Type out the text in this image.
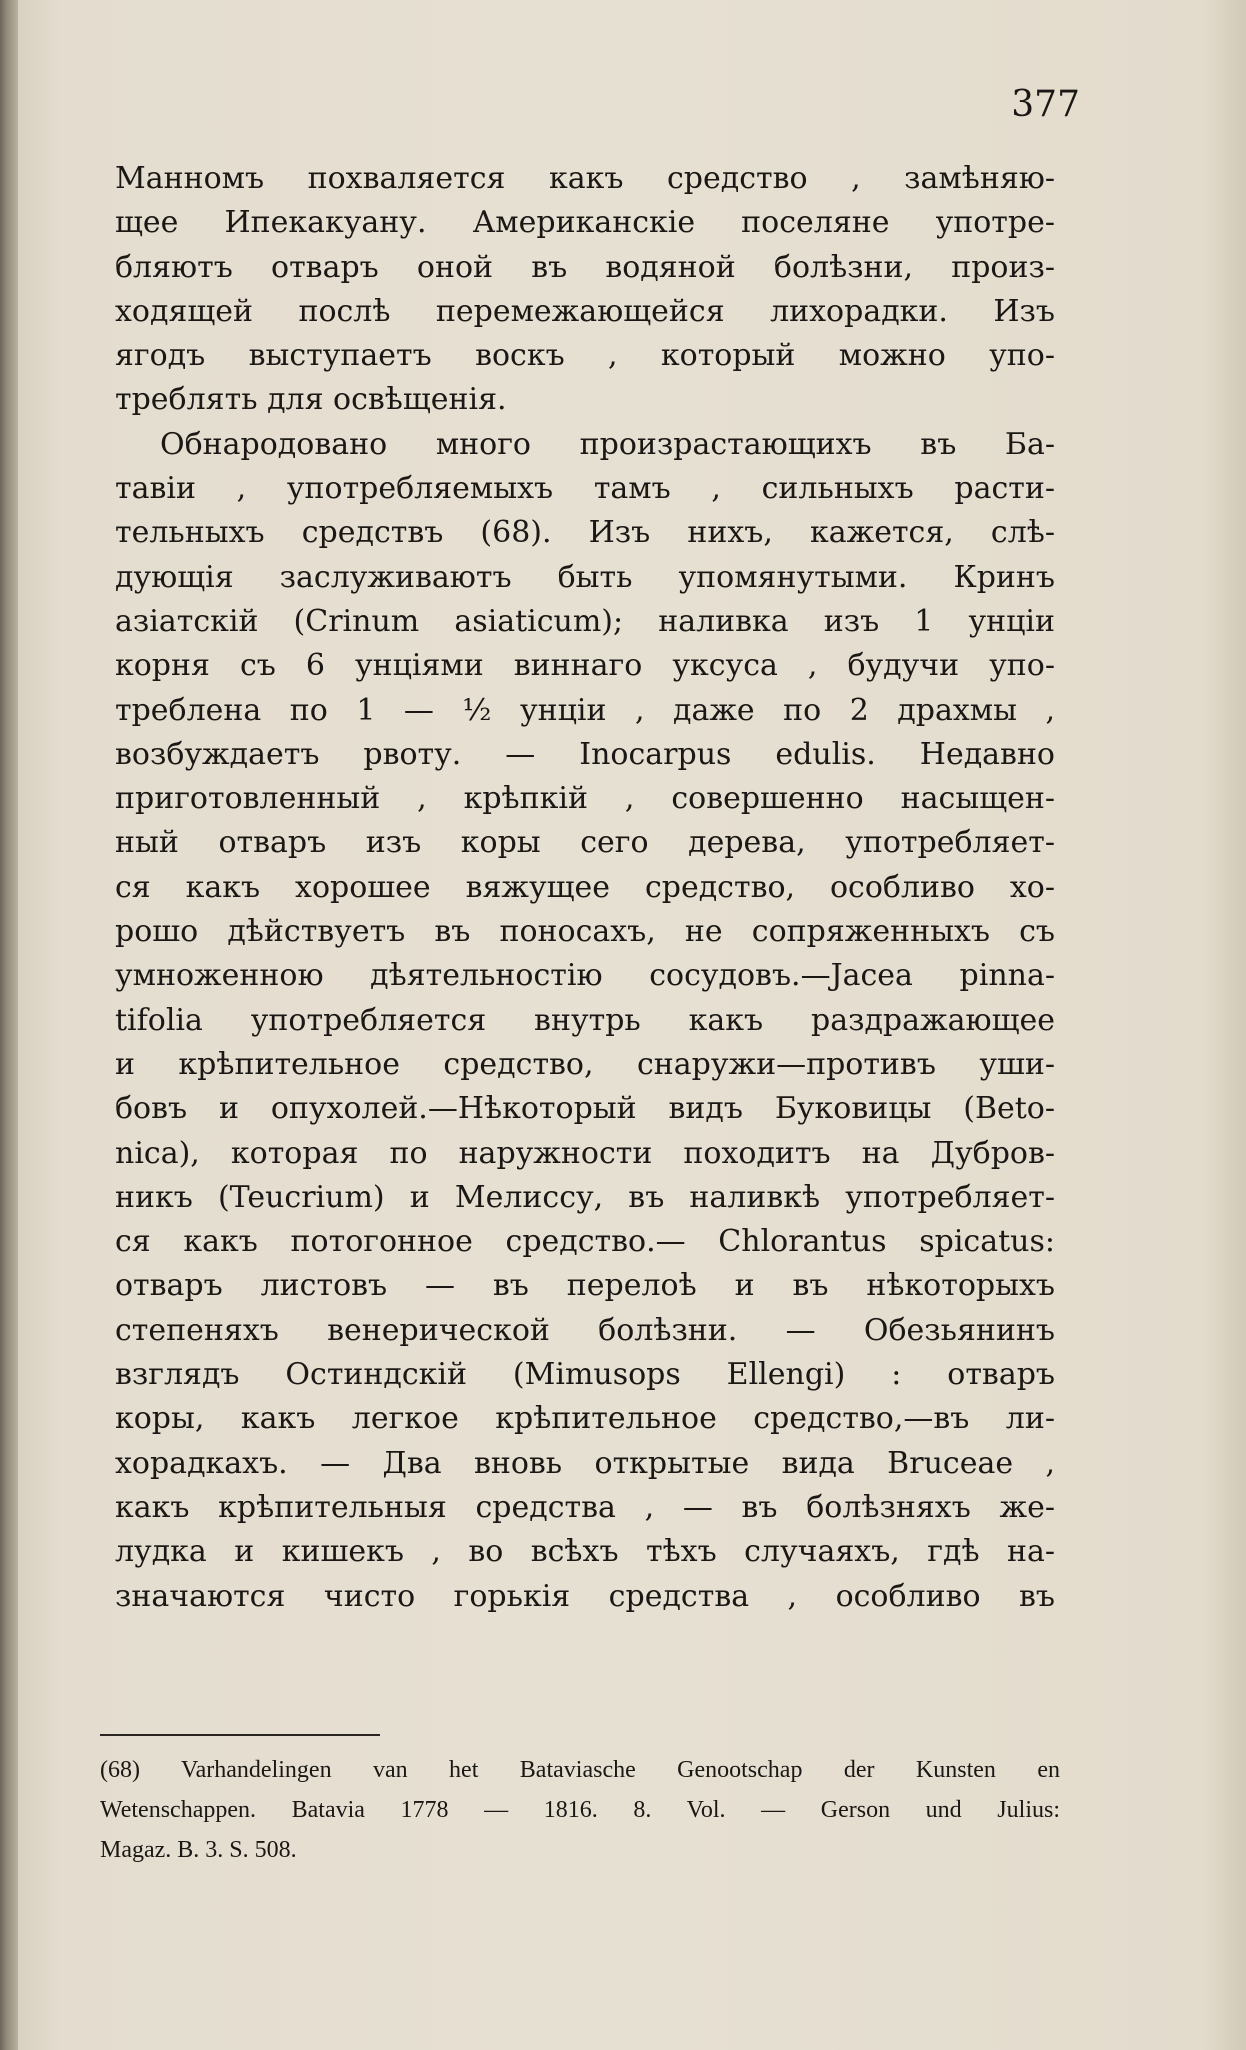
377
Манномъ похваляется какъ средство , замѣняю-
щее Ипекакуану. Американскіе поселяне употре-
бляютъ отваръ оной въ водяной болѣзни, произ-
ходящей послѣ перемежающейся лихорадки. Изъ
ягодъ выступаетъ воскъ , который можно упо-
треблять для освѣщенія.
Обнародовано много произрастающихъ въ Ба-
тавіи , употребляемыхъ тамъ , сильныхъ расти-
тельныхъ средствъ (68). Изъ нихъ, кажется, слѣ-
дующія заслуживаютъ быть упомянутыми. Кринъ
азіатскій (Crinum asiaticum); наливка изъ 1 унціи
корня съ 6 унціями виннаго уксуса , будучи упо-
треблена по 1 — ½ унціи , даже по 2 драхмы ,
возбуждаетъ рвоту. — Inocarpus edulis. Недавно
приготовленный , крѣпкій , совершенно насыщен-
ный отваръ изъ коры сего дерева, употребляет-
ся какъ хорошее вяжущее средство, особливо хо-
рошо дѣйствуетъ въ поносахъ, не сопряженныхъ съ
умноженною дѣятельностію сосудовъ.—Jacea pinna-
tifolia употребляется внутрь какъ раздражающее
и крѣпительное средство, снаружи—противъ уши-
бовъ и опухолей.—Нѣкоторый видъ Буковицы (Beto-
nica), которая по наружности походитъ на Дубров-
никъ (Teucrium) и Мелиссу, въ наливкѣ употребляет-
ся какъ потогонное средство.— Chlorantus spicatus:
отваръ листовъ — въ перелоѣ и въ нѣкоторыхъ
степеняхъ венерической болѣзни. — Обезьянинъ
взглядъ Остиндскій (Mimusops Ellengi) : отваръ
коры, какъ легкое крѣпительное средство,—въ ли-
хорадкахъ. — Два вновь открытые вида Bruceae ,
какъ крѣпительныя средства , — въ болѣзняхъ же-
лудка и кишекъ , во всѣхъ тѣхъ случаяхъ, гдѣ на-
значаются чисто горькія средства , особливо въ
(68) Varhandelingen van het Bataviasche Genootschap der Kunsten en
Wetenschappen. Batavia 1778 — 1816. 8. Vol. — Gerson und Julius:
Magaz. B. 3. S. 508.
